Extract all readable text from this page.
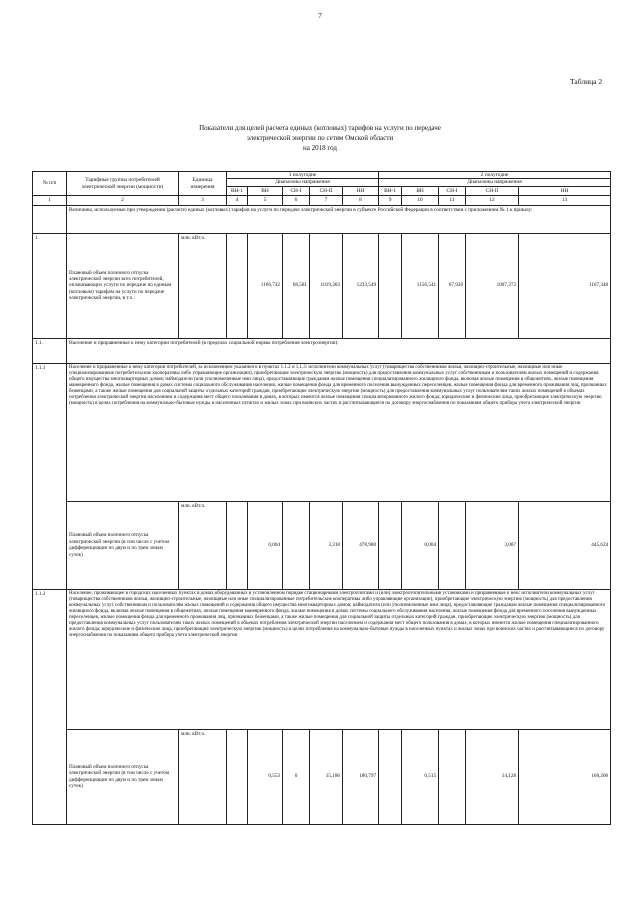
7
Таблица 2
Показатели для целей расчета единых (котловых) тарифов на услуги по передаче
электрической энергии по сетям Омской области
на 2018 год
№ п/п	Тарифные группы потребителей электрической энергии (мощности)	Единица измерения	1 полугодие					2 полугодие				
			Диапазоны напряжения					Диапазоны напряжения				
			ВН-1	ВН	СН-I	СН-II	НН	ВН-1	ВН	СН-I	СН-II	НН
1	2	3	4	5	6	7	8	9	10	11	12	13
	Величины, используемые при утверждении (расчете) единых (котловых) тарифов на услуги по передаче электрической энергии в субъекте Российской Федерации в соответствии с приложением № 1 к приказу:											
1.	Плановый объем полезного отпуска электрической энергии всех потребителей, оплачивающих услуги по передаче по единым (котловым) тарифам на услуги по передаче электрической энергии, в т.ч.:	млн. кВт.ч.		1166,732	68,581	1019,303	1233,549		1156,541	67,926	1007,372	1167,348
1.1.	Население и приравненные к нему категории потребителей (в пределах социальной нормы потребления электроэнергии):											
1.1.1	Население и приравненные к нему категории потребителей, за исключением указанного в пунктах 1.1.2 и 1.1.3: исполнители коммунальных услуг (товарищества собственников жилья, жилищно-строительные, жилищные или иные специализированные потребительские кооперативы либо управляющие организации), приобретающие электрическую энергию (мощность) для предоставления коммунальных услуг собственникам и пользователям жилых помещений и содержания общего имущества многоквартирных домов; наймодатели (или уполномоченные ими лица), предоставляющие гражданам жилые помещения специализированного жилищного фонда, включая жилые помещения в общежитиях, жилые помещения маневренного фонда, жилые помещения в домах системы социального обслуживания населения, жилые помещения фонда для временного поселения вынужденных переселенцев, жилые помещения фонда для временного проживания лиц, признанных беженцами, а также жилые помещения для социальной защиты отдельных категорий граждан, приобретающие электрическую энергию (мощность) для предоставления коммунальных услуг пользователям таких жилых помещений в объемах потребления электрической энергии населением и содержания мест общего пользования в домах, в которых имеются жилые помещения специализированного жилого фонда; юридические и физические лица, приобретающие электрическую энергию (мощность) в целях потребления на коммунально-бытовые нужды в населенных пунктах и жилых зонах при воинских частях и рассчитывающиеся по договору энергоснабжения по показаниям общего прибора учета электрической энергии											
	Плановый объем полезного отпуска электрической энергии (в том числе с учетом дифференциации по двум и по трем зонам суток)	млн. кВт.ч.		0,004		3,318	478,980		0,004		3,087	445,624
1.1.2	Население, проживающее в городских населенных пунктах в домах,оборудованных в установленном порядке стационарными электроплитами и (или) электроотопительными установками и приравненные к нем: исполнители коммунальных услуг (товарищества собственников жилья, жилищно-строительные, жилищные или иные специализированные потребительские кооперативы либо управляющие организации), приобретающие электрическую энергию (мощность) для предоставления коммунальных услуг собственникам и пользователям жилых помещений и содержания общего имущества многоквартирных домов; наймодатели (или уполномоченные ими лица), предоставляющие гражданам жилые помещения специализированного жилищного фонда, включая жилые помещения в общежитиях, жилые помещения маневренного фонда, жилые помещения в домах системы социального обслуживания населения, жилые помещения фонда для временного поселения вынужденных переселенцев, жилые помещения фонда для временного проживания лиц, признанных беженцами, а также жилые помещения для социальной защиты отдельных категорий граждан, приобретающие электрическую энергию (мощность) для предоставления коммунальных услуг пользователям таких жилых помещений в объемах потребления электрической энергии населением и содержания мест общего пользования в домах, в которых имеются жилые помещения специализированного жилого фонда; юридические и физические лица, приобретающие электрическую энергию (мощность) в целях потребления на коммунально-бытовые нужды в населенных пунктах и жилых зонах при воинских частях и рассчитывающиеся по договору энергоснабжения по показаниям общего прибора учета электрической энергии											
	Плановый объем полезного отпуска электрической энергии (в том числе с учетом дифференциации по двум и по трем зонам суток)	млн. кВт.ч.		0,553	0	15,186	180,797		0,515		14,128	168,206
